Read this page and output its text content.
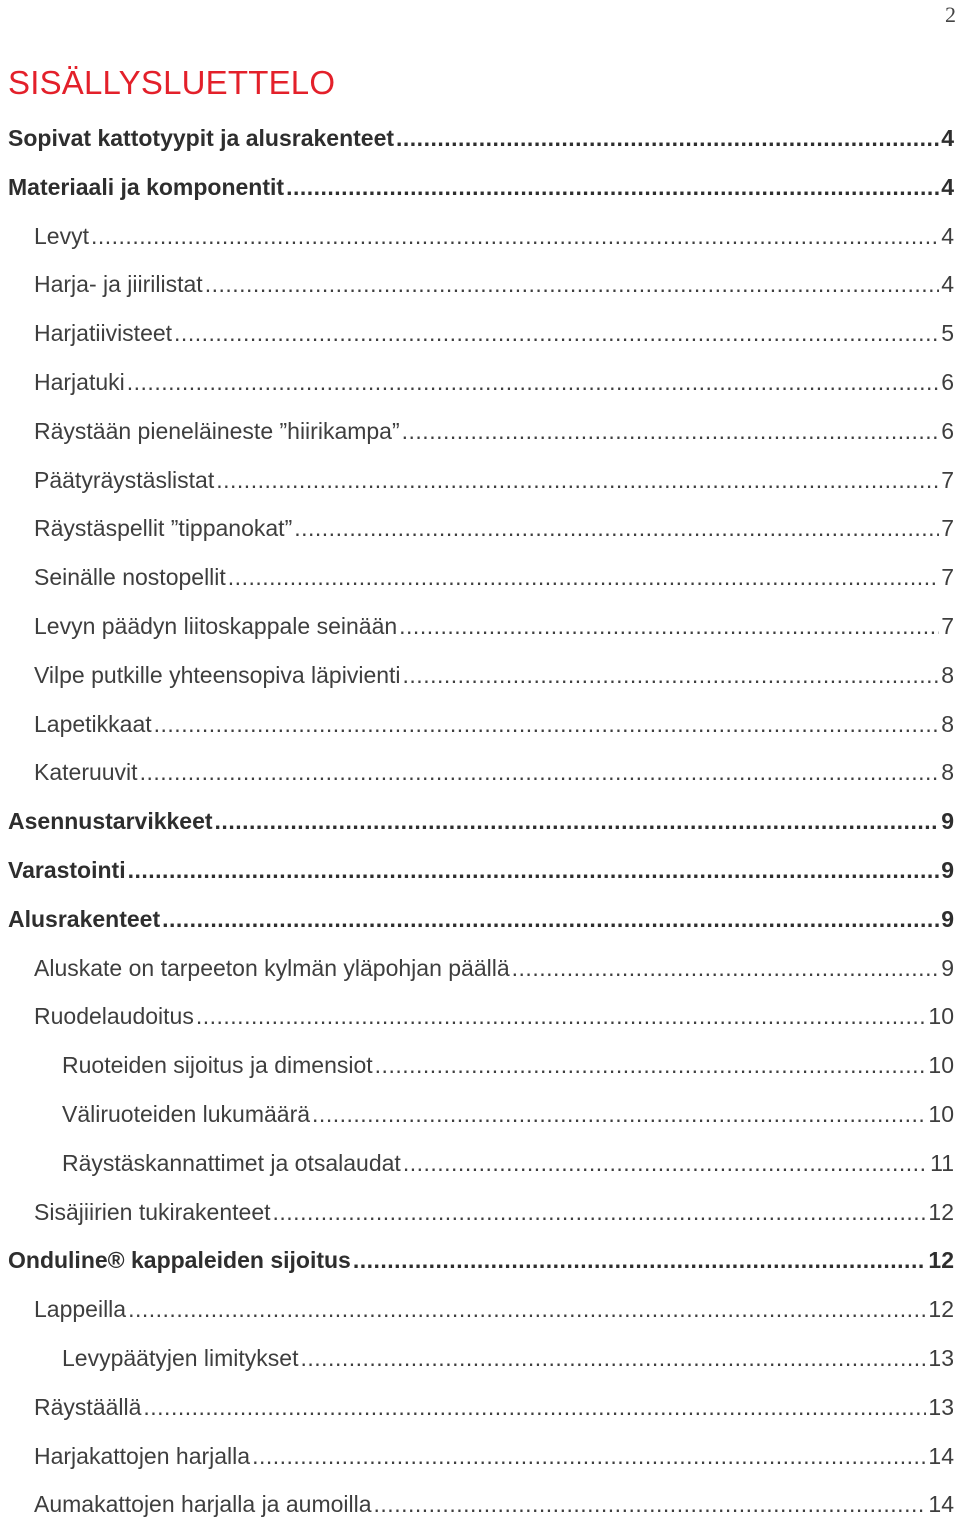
2
SISÄLLYSLUETTELO
Sopivat kattotyypit ja alusrakenteet .....	4
Materiaali ja komponentit .....	4
Levyt .....	4
Harja- ja jiirilistat .....	4
Harjatiivisteet .....	5
Harjatuki .....	6
Räystään pieneläineste ”hiirikampa” .....	6
Päätyräystäslistat .....	7
Räystäspellit ”tippanokat” .....	7
Seinälle nostopellit .....	7
Levyn päädyn liitoskappale seinään .....	7
Vilpe putkille yhteensopiva läpivienti .....	8
Lapetikkaat .....	8
Kateruuvit .....	8
Asennustarvikkeet .....	9
Varastointi .....	9
Alusrakenteet .....	9
Aluskate on tarpeeton kylmän yläpohjan päällä .....	9
Ruodelaudoitus .....	10
Ruoteiden sijoitus ja dimensiot .....	10
Väliruoteiden lukumäärä .....	10
Räystäskannattimet ja otsalaudat .....	11
Sisäjiirien tukirakenteet .....	12
Onduline® kappaleiden sijoitus .....	12
Lappeilla .....	12
Levypäätyjen limitykset .....	13
Räystäällä .....	13
Harjakattojen harjalla .....	14
Aumakattojen harjalla ja aumoilla .....	14
